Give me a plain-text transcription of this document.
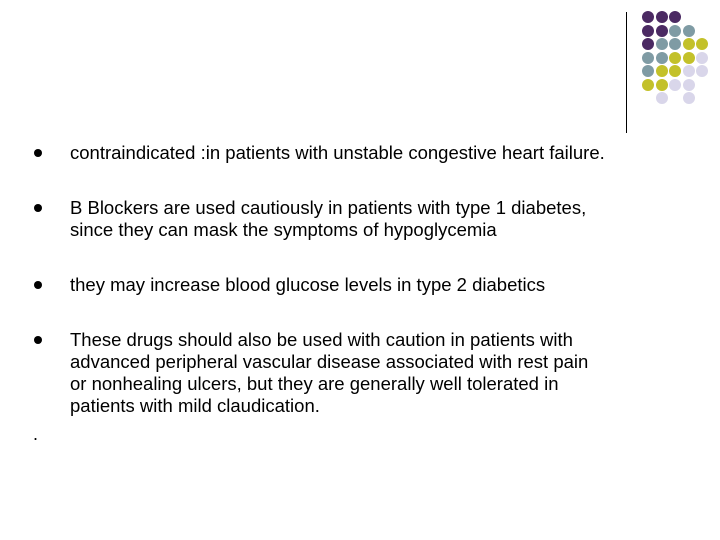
contraindicated :in patients with unstable congestive heart failure.
B Blockers are used cautiously in patients with type 1 diabetes,
since they can mask the symptoms of hypoglycemia
they may increase blood glucose levels in type 2 diabetics
These drugs should also be used with caution in patients with
advanced peripheral vascular disease associated with rest pain
or nonhealing ulcers, but they are generally well tolerated in
patients with mild claudication.
.
